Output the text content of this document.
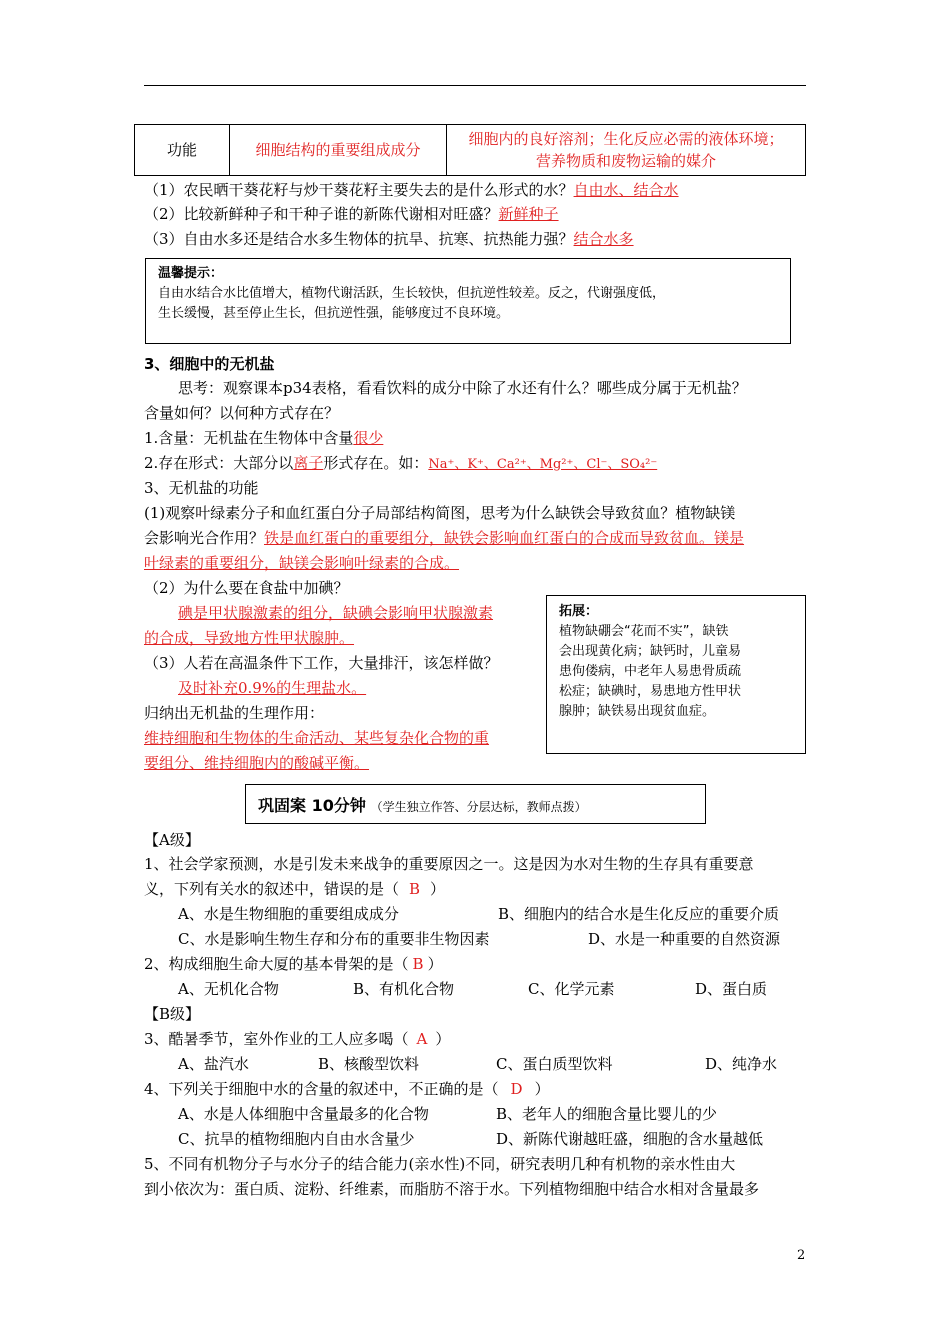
功能	细胞结构的重要组成成分	
细胞内的良好溶剂；生化反应必需的液体环境；
营养物质和废物运输的媒介
（1）农民晒干葵花籽与炒干葵花籽主要失去的是什么形式的水？自由水、结合水
（2）比较新鲜种子和干种子谁的新陈代谢相对旺盛？新鲜种子
（3）自由水多还是结合水多生物体的抗旱、抗寒、抗热能力强？结合水多
温馨提示：
自由水结合水比值增大，植物代谢活跃，生长较快，但抗逆性较差。反之，代谢强度低，
生长缓慢，甚至停止生长，但抗逆性强，能够度过不良环境。
3、细胞中的无机盐
思考：观察课本p34表格，看看饮料的成分中除了水还有什么？哪些成分属于无机盐？
含量如何？以何种方式存在？
1.含量：无机盐在生物体中含量很少
2.存在形式：大部分以离子形式存在。如：Na⁺、K⁺、Ca²⁺、Mg²⁺、Cl⁻、SO₄²⁻
3、无机盐的功能
(1)观察叶绿素分子和血红蛋白分子局部结构简图，思考为什么缺铁会导致贫血？植物缺镁
会影响光合作用？铁是血红蛋白的重要组分，缺铁会影响血红蛋白的合成而导致贫血。镁是
叶绿素的重要组分，缺镁会影响叶绿素的合成。
（2）为什么要在食盐中加碘？
碘是甲状腺激素的组分，缺碘会影响甲状腺激素
的合成，导致地方性甲状腺肿。
（3）人若在高温条件下工作，大量排汗，该怎样做？
及时补充0.9%的生理盐水。
归纳出无机盐的生理作用：
维持细胞和生物体的生命活动、某些复杂化合物的重
要组分、维持细胞内的酸碱平衡。
拓展：
植物缺硼会“花而不实”，缺铁
会出现黄化病；缺钙时，儿童易
患佝偻病，中老年人易患骨质疏
松症；缺碘时，易患地方性甲状
腺肿；缺铁易出现贫血症。
巩固案 10分钟 （学生独立作答、分层达标，教师点拨）
【A级】
1、社会学家预测，水是引发未来战争的重要原因之一。这是因为水对生物的生存具有重要意
义，下列有关水的叙述中，错误的是（ B ）
A、水是生物细胞的重要组成成分	B、细胞内的结合水是生化反应的重要介质
C、水是影响生物生存和分布的重要非生物因素	D、水是一种重要的自然资源
2、构成细胞生命大厦的基本骨架的是（ B ）
A、无机化合物	B、有机化合物	C、化学元素	D、蛋白质
【B级】
3、酷暑季节，室外作业的工人应多喝（ A ）
A、盐汽水	B、核酸型饮料	C、蛋白质型饮料	D、纯净水
4、下列关于细胞中水的含量的叙述中，不正确的是（ D ）
A、水是人体细胞中含量最多的化合物	B、老年人的细胞含量比婴儿的少
C、抗旱的植物细胞内自由水含量少	D、新陈代谢越旺盛，细胞的含水量越低
5、不同有机物分子与水分子的结合能力(亲水性)不同，研究表明几种有机物的亲水性由大
到小依次为：蛋白质、淀粉、纤维素，而脂肪不溶于水。下列植物细胞中结合水相对含量最多
2
